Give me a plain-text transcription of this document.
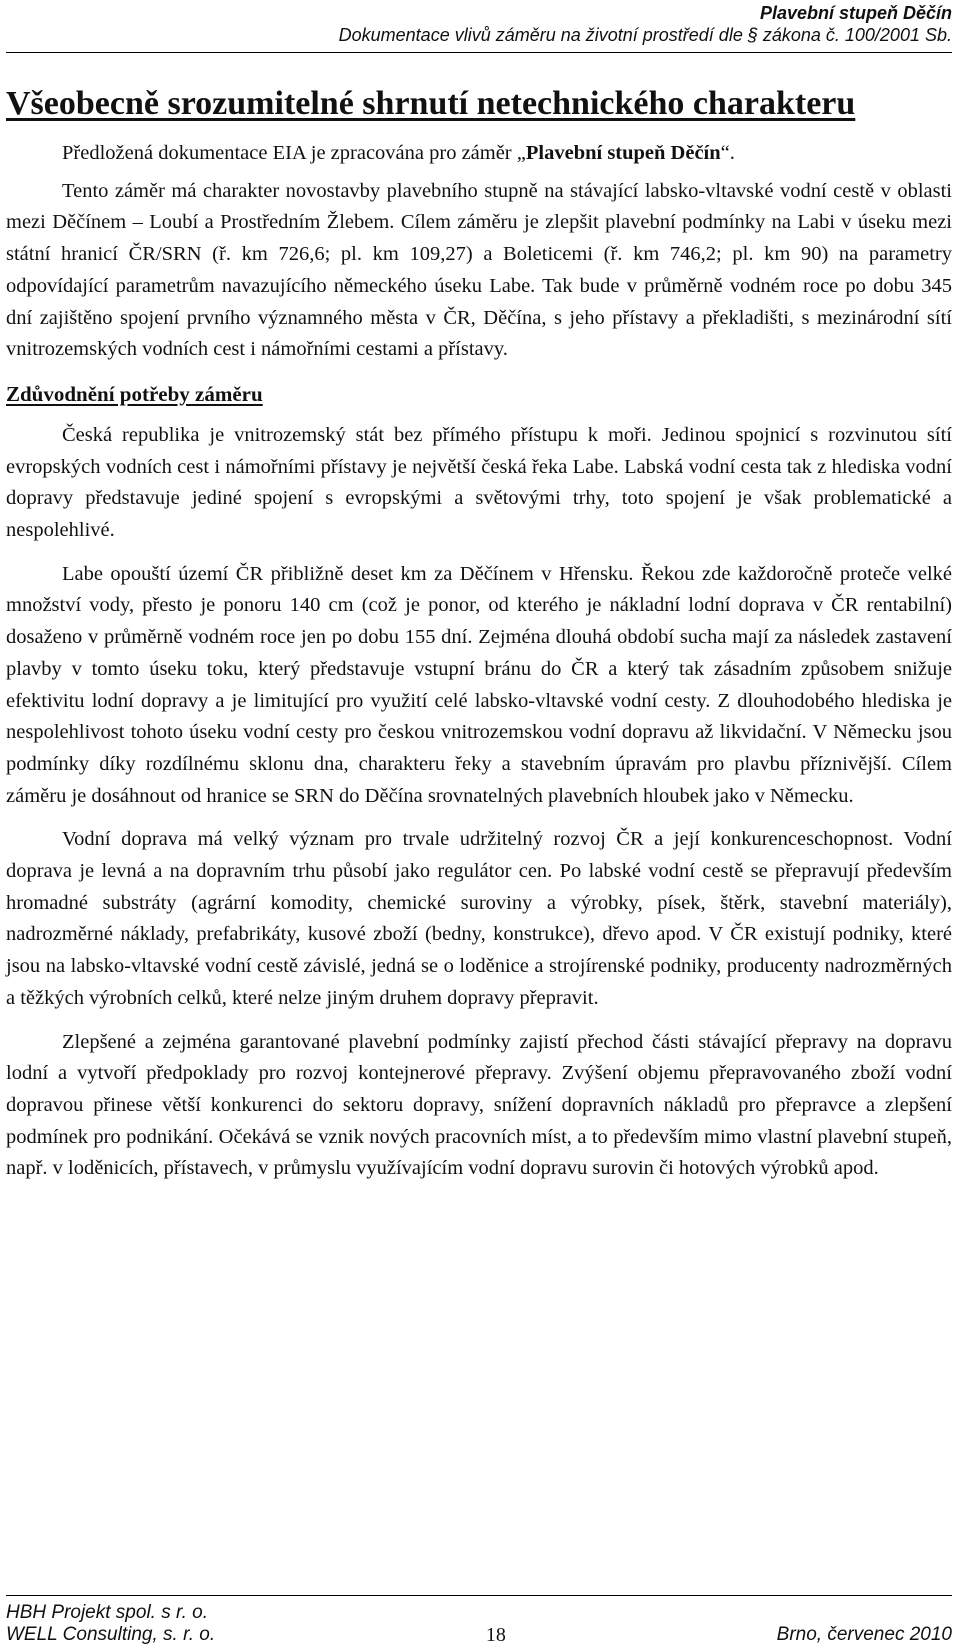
Plavební stupeň Děčín
Dokumentace vlivů záměru na životní prostředí dle § zákona č. 100/2001 Sb.
Všeobecně srozumitelné shrnutí netechnického charakteru

Předložená dokumentace EIA je zpracována pro záměr „Plavební stupeň Děčín“.

Tento záměr má charakter novostavby plavebního stupně na stávající labsko-vltavské vodní cestě v oblasti mezi Děčínem – Loubí a Prostředním Žlebem. Cílem záměru je zlepšit plavební podmínky na Labi v úseku mezi státní hranicí ČR/SRN (ř. km 726,6; pl. km 109,27) a Boleticemi (ř. km 746,2; pl. km 90) na parametry odpovídající parametrům navazujícího německého úseku Labe. Tak bude v průměrně vodném roce po dobu 345 dní zajištěno spojení prvního významného města v ČR, Děčína, s jeho přístavy a překladišti, s mezinárodní sítí vnitrozemských vodních cest i námořními cestami a přístavy.

Zdůvodnění potřeby záměru

Česká republika je vnitrozemský stát bez přímého přístupu k moři. Jedinou spojnicí s rozvinutou sítí evropských vodních cest i námořními přístavy je největší česká řeka Labe. Labská vodní cesta tak z hlediska vodní dopravy představuje jediné spojení s evropskými a světovými trhy, toto spojení je však problematické a nespolehlivé.

Labe opouští území ČR přibližně deset km za Děčínem v Hřensku. Řekou zde každoročně proteče velké množství vody, přesto je ponoru 140 cm (což je ponor, od kterého je nákladní lodní doprava v ČR rentabilní) dosaženo v průměrně vodném roce jen po dobu 155 dní. Zejména dlouhá období sucha mají za následek zastavení plavby v tomto úseku toku, který představuje vstupní bránu do ČR a který tak zásadním způsobem snižuje efektivitu lodní dopravy a je limitující pro využití celé labsko-vltavské vodní cesty. Z dlouhodobého hlediska je nespolehlivost tohoto úseku vodní cesty pro českou vnitrozemskou vodní dopravu až likvidační. V Německu jsou podmínky díky rozdílnému sklonu dna, charakteru řeky a stavebním úpravám pro plavbu příznivější. Cílem záměru je dosáhnout od hranice se SRN do Děčína srovnatelných plavebních hloubek jako v Německu.

Vodní doprava má velký význam pro trvale udržitelný rozvoj ČR a její konkurenceschopnost. Vodní doprava je levná a na dopravním trhu působí jako regulátor cen. Po labské vodní cestě se přepravují především hromadné substráty (agrární komodity, chemické suroviny a výrobky, písek, štěrk, stavební materiály), nadrozměrné náklady, prefabrikáty, kusové zboží (bedny, konstrukce), dřevo apod. V ČR existují podniky, které jsou na labsko-vltavské vodní cestě závislé, jedná se o loděnice a strojírenské podniky, producenty nadrozměrných a těžkých výrobních celků, které nelze jiným druhem dopravy přepravit.

Zlepšené a zejména garantované plavební podmínky zajistí přechod části stávající přepravy na dopravu lodní a vytvoří předpoklady pro rozvoj kontejnerové přepravy. Zvýšení objemu přepravovaného zboží vodní dopravou přinese větší konkurenci do sektoru dopravy, snížení dopravních nákladů pro přepravce a zlepšení podmínek pro podnikání. Očekává se vznik nových pracovních míst, a to především mimo vlastní plavební stupeň, např. v loděnicích, přístavech, v průmyslu využívajícím vodní dopravu surovin či hotových výrobků apod.

HBH Projekt spol. s r. o.
WELL Consulting, s. r. o.	18	Brno, červenec 2010
